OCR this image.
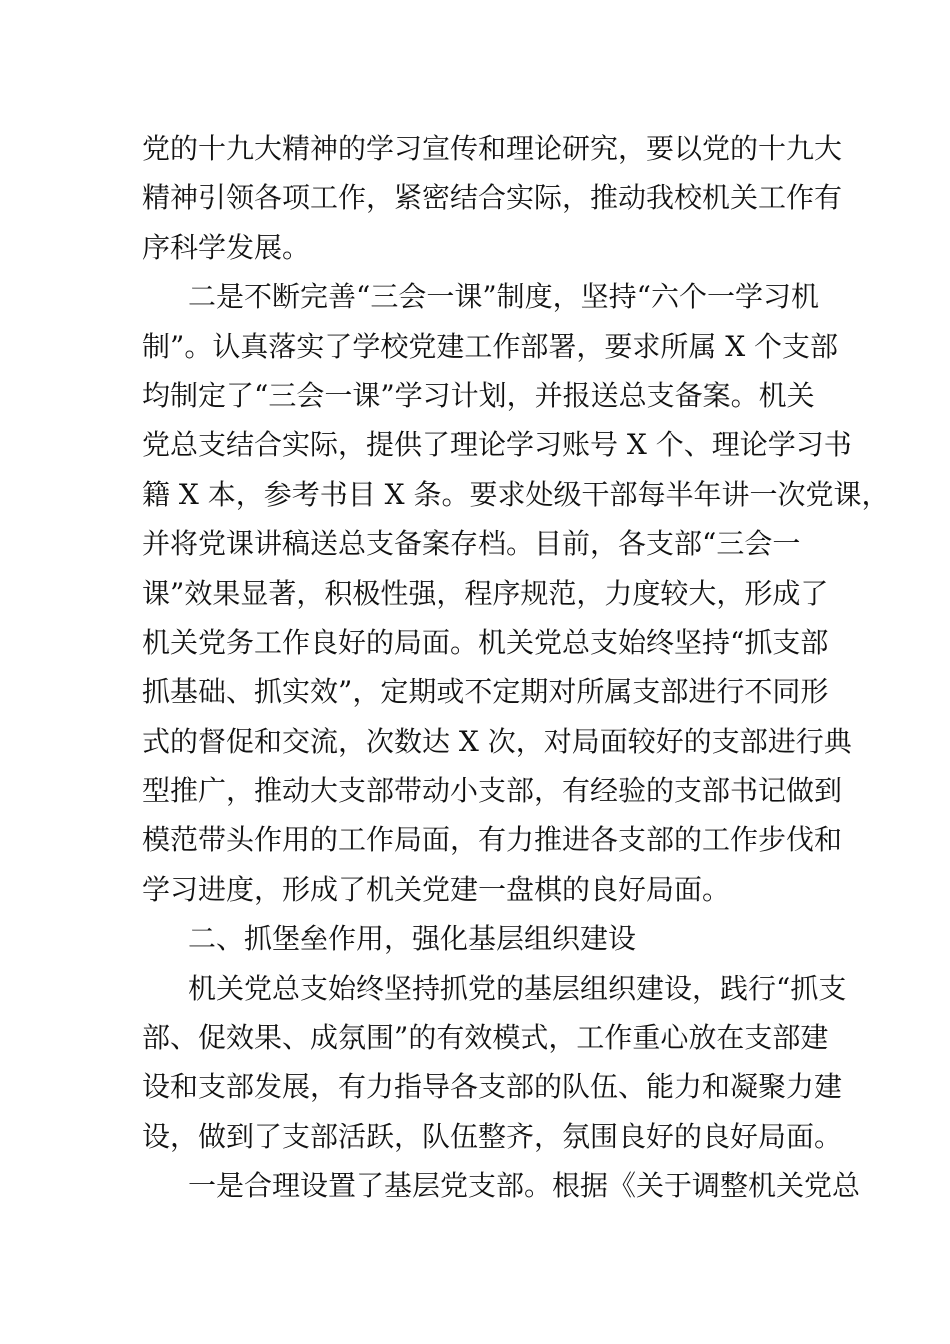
党的十九大精神的学习宣传和理论研究，要以党的十九大
精神引领各项工作，紧密结合实际，推动我校机关工作有
序科学发展。
二是不断完善“三会一课”制度，坚持“六个一学习机
制”。认真落实了学校党建工作部署，要求所属 X 个支部
均制定了“三会一课”学习计划，并报送总支备案。机关
党总支结合实际，提供了理论学习账号 X 个、理论学习书
籍 X 本，参考书目 X 条。要求处级干部每半年讲一次党课，
并将党课讲稿送总支备案存档。目前，各支部“三会一
课”效果显著，积极性强，程序规范，力度较大，形成了
机关党务工作良好的局面。机关党总支始终坚持“抓支部
抓基础、抓实效”，定期或不定期对所属支部进行不同形
式的督促和交流，次数达 X 次，对局面较好的支部进行典
型推广，推动大支部带动小支部，有经验的支部书记做到
模范带头作用的工作局面，有力推进各支部的工作步伐和
学习进度，形成了机关党建一盘棋的良好局面。
二、抓堡垒作用，强化基层组织建设
机关党总支始终坚持抓党的基层组织建设，践行“抓支
部、促效果、成氛围”的有效模式，工作重心放在支部建
设和支部发展，有力指导各支部的队伍、能力和凝聚力建
设，做到了支部活跃，队伍整齐，氛围良好的良好局面。
一是合理设置了基层党支部。根据《关于调整机关党总
